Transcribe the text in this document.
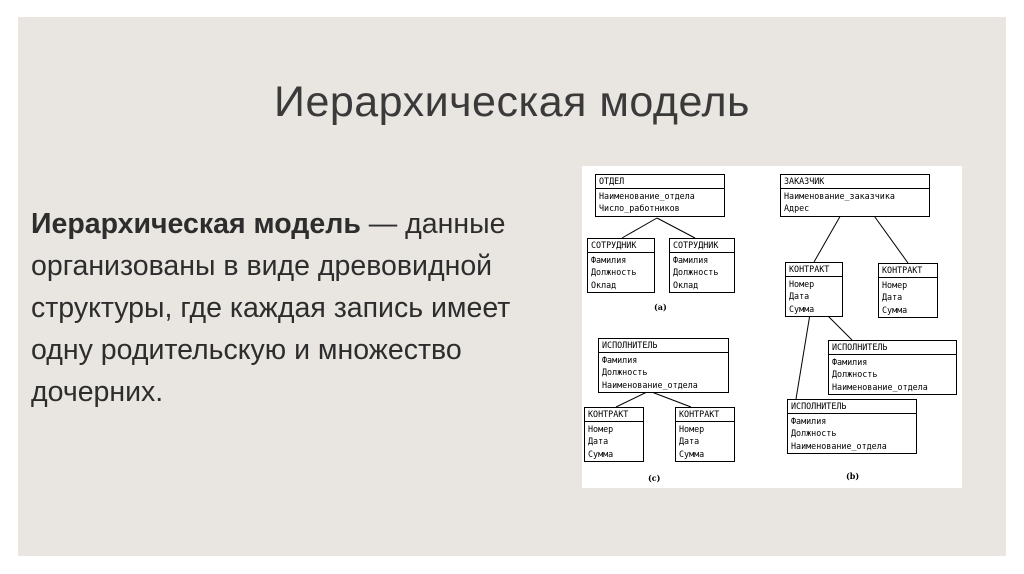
Иерархическая модель
Иерархическая модель — данные организованы в виде древовидной структуры, где каждая запись имеет одну родительскую и множество дочерних.
ОТДЕЛ
Наименование_отдела
Число_работников
СОТРУДНИК
Фамилия
Должность
Оклад
СОТРУДНИК
Фамилия
Должность
Оклад
(a)
ЗАКАЗЧИК
Наименование_заказчика
Адрес
КОНТРАКТ
Номер
Дата
Сумма
КОНТРАКТ
Номер
Дата
Сумма
ИСПОЛНИТЕЛЬ
Фамилия
Должность
Наименование_отдела
ИСПОЛНИТЕЛЬ
Фамилия
Должность
Наименование_отдела
(b)
ИСПОЛНИТЕЛЬ
Фамилия
Должность
Наименование_отдела
КОНТРАКТ
Номер
Дата
Сумма
КОНТРАКТ
Номер
Дата
Сумма
(c)
